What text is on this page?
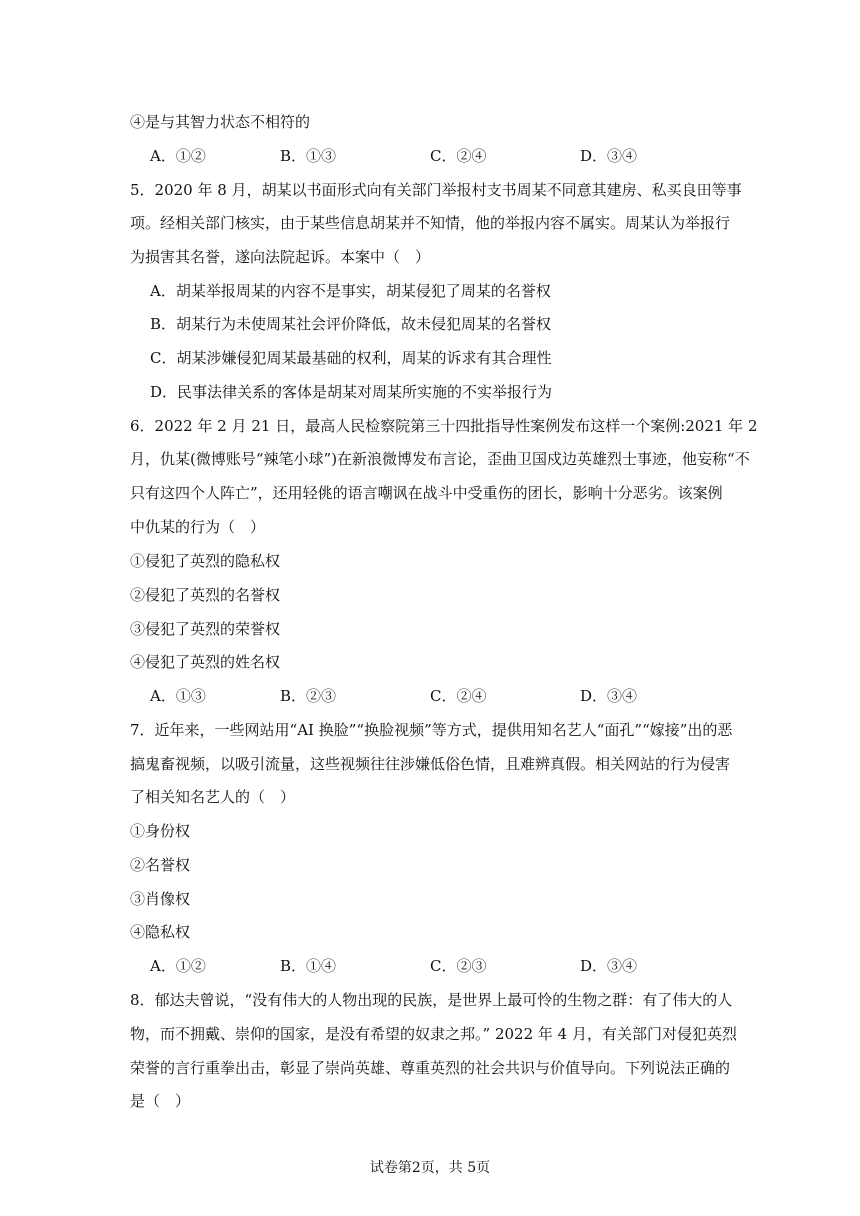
④是与其智力状态不相符的
A．①②	B．①③	C．②④	D．③④
5．2020 年 8 月，胡某以书面形式向有关部门举报村支书周某不同意其建房、私买良田等事
项。经相关部门核实，由于某些信息胡某并不知情，他的举报内容不属实。周某认为举报行
为损害其名誉，遂向法院起诉。本案中（　）
A．胡某举报周某的内容不是事实，胡某侵犯了周某的名誉权
B．胡某行为未使周某社会评价降低，故未侵犯周某的名誉权
C．胡某涉嫌侵犯周某最基础的权利，周某的诉求有其合理性
D．民事法律关系的客体是胡某对周某所实施的不实举报行为
6．2022 年 2 月 21 日，最高人民检察院第三十四批指导性案例发布这样一个案例:2021 年 2
月，仇某(微博账号“辣笔小球”)在新浪微博发布言论，歪曲卫国戍边英雄烈士事迹，他妄称“不
只有这四个人阵亡”，还用轻佻的语言嘲讽在战斗中受重伤的团长，影响十分恶劣。该案例
中仇某的行为（　）
①侵犯了英烈的隐私权
②侵犯了英烈的名誉权
③侵犯了英烈的荣誉权
④侵犯了英烈的姓名权
A．①③	B．②③	C．②④	D．③④
7．近年来，一些网站用“AI 换脸”“换脸视频”等方式，提供用知名艺人“面孔”“嫁接”出的恶
搞鬼畜视频，以吸引流量，这些视频往往涉嫌低俗色情，且难辨真假。相关网站的行为侵害
了相关知名艺人的（　）
①身份权
②名誉权
③肖像权
④隐私权
A．①②	B．①④	C．②③	D．③④
8．郁达夫曾说，“没有伟大的人物出现的民族，是世界上最可怜的生物之群：有了伟大的人
物，而不拥戴、崇仰的国家，是没有希望的奴隶之邦。” 2022 年 4 月，有关部门对侵犯英烈
荣誉的言行重拳出击，彰显了崇尚英雄、尊重英烈的社会共识与价值导向。下列说法正确的
是（　）
试卷第2页，共 5页
